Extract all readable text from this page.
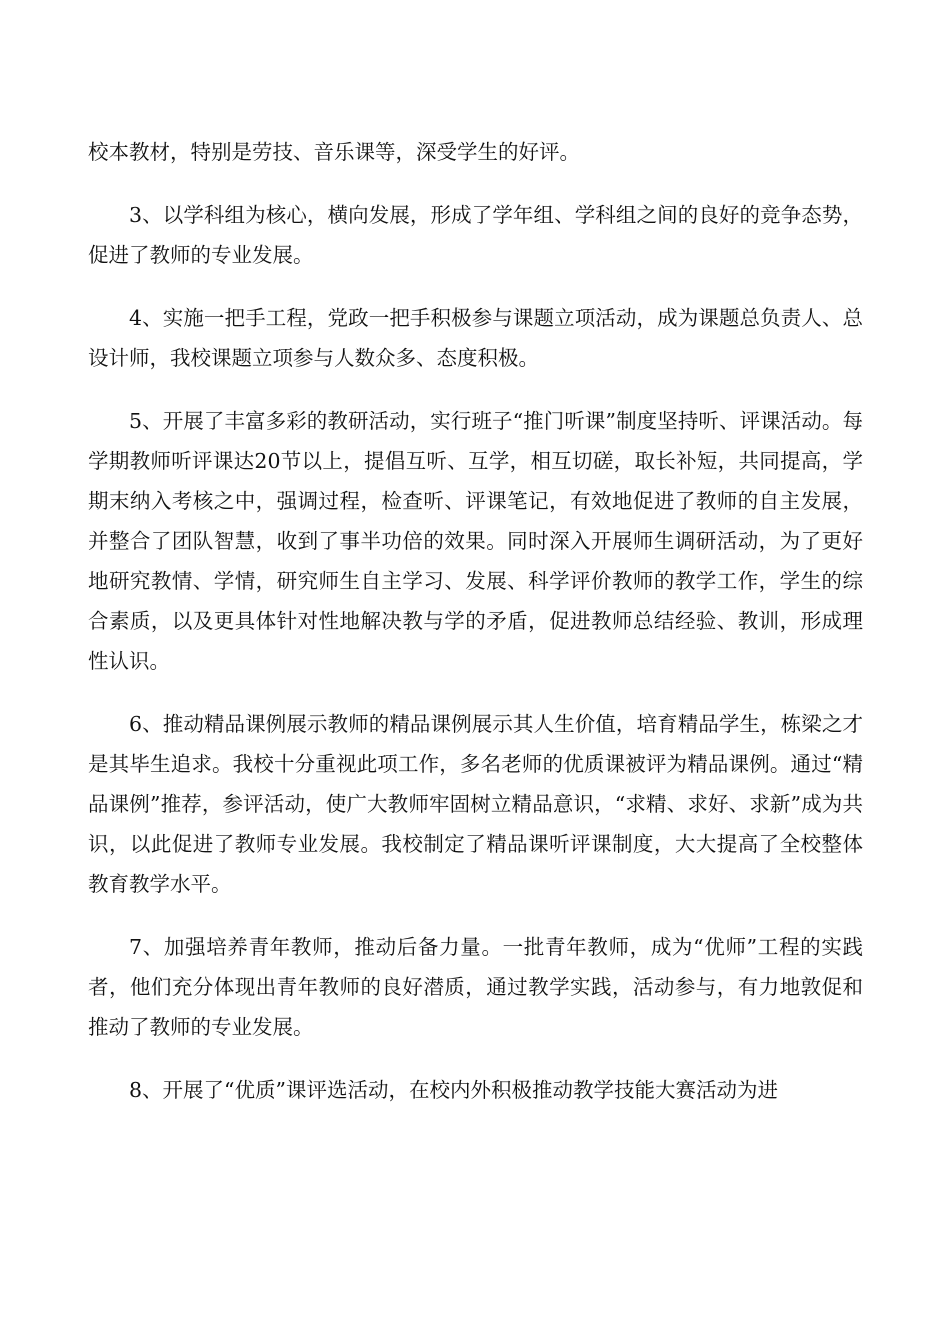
校本教材，特别是劳技、音乐课等，深受学生的好评。

3、以学科组为核心，横向发展，形成了学年组、学科组之间的良好的竞争态势，促进了教师的专业发展。

4、实施一把手工程，党政一把手积极参与课题立项活动，成为课题总负责人、总设计师，我校课题立项参与人数众多、态度积极。

5、开展了丰富多彩的教研活动，实行班子“推门听课”制度坚持听、评课活动。每学期教师听评课达20节以上，提倡互听、互学，相互切磋，取长补短，共同提高，学期末纳入考核之中，强调过程，检查听、评课笔记，有效地促进了教师的自主发展，并整合了团队智慧，收到了事半功倍的效果。同时深入开展师生调研活动，为了更好地研究教情、学情，研究师生自主学习、发展、科学评价教师的教学工作，学生的综合素质，以及更具体针对性地解决教与学的矛盾，促进教师总结经验、教训，形成理性认识。

6、推动精品课例展示教师的精品课例展示其人生价值，培育精品学生，栋梁之才是其毕生追求。我校十分重视此项工作，多名老师的优质课被评为精品课例。通过“精品课例”推荐，参评活动，使广大教师牢固树立精品意识，“求精、求好、求新”成为共识，以此促进了教师专业发展。我校制定了精品课听评课制度，大大提高了全校整体教育教学水平。

7、加强培养青年教师，推动后备力量。一批青年教师，成为“优师”工程的实践者，他们充分体现出青年教师的良好潜质，通过教学实践，活动参与，有力地敦促和推动了教师的专业发展。

8、开展了“优质”课评选活动，在校内外积极推动教学技能大赛活动为进
